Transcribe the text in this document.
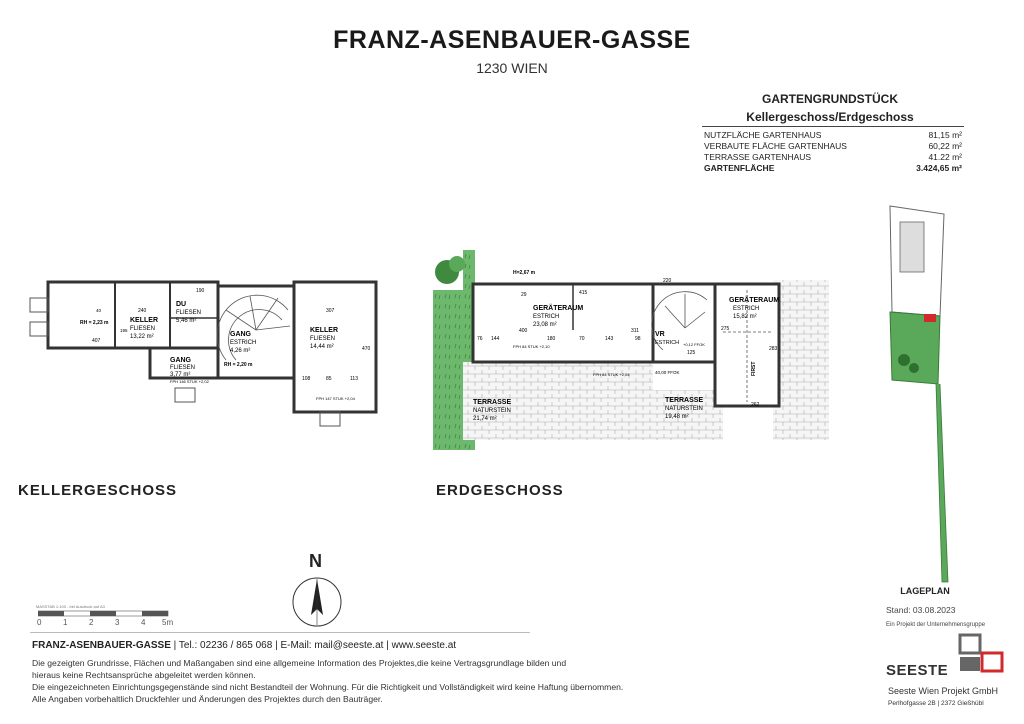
FRANZ-ASENBAUER-GASSE
1230 WIEN
GARTENGRUNDSTÜCK
Kellergeschoss/Erdgeschoss
NUTZFLÄCHE GARTENHAUS	81,15 m²
VERBAUTE FLÄCHE GARTENHAUS	60,22 m²
TERRASSE GARTENHAUS	41.22 m²
GARTENFLÄCHE	3.424,65 m²
KELLER
FLIESEN
13,22 m²
DU
FLIESEN
5,46 m²
GANG
ESTRICH
4,26 m²
GANG
FLIESEN
3,77 m²
KELLER
FLIESEN
14,44 m²
RH = 2,23 m
RH = 2,20 m
407
240
190
307
470
108	85	113
195
40
FPH 146 STUK +2,02
FPH 147 STUK +2,04
GERÄTERAUM
ESTRICH
23,08 m²
VR
ESTRICH
GERÄTERAUM
ESTRICH
15,82 m²
TERRASSE
NATURSTEIN
21,74 m²
TERRASSE
NATURSTEIN
19,48 m²
H=2,67 m
FIRST
415
400
144	180	70	143
311
98
275
283
220
29
76
125
262
FPH 84 STUK +2,10
FPH 84 STUK +2,04	40,00 FFOK
+0,12 FFOK
KELLERGESCHOSS	ERDGESCHOSS
LAGEPLAN
MASSTAB 1:100 - bei Ausdruck auf A3
0	1	2	3	4 5m
N
FRANZ-ASENBAUER-GASSE | Tel.: 02236 / 865 068 | E-Mail: mail@seeste.at | www.seeste.at
Die gezeigten Grundrisse, Flächen und Maßangaben sind eine allgemeine Information des Projektes,die keine Vertragsgrundlage bilden und
hieraus keine Rechtsansprüche abgeleitet werden können.
Die eingezeichneten Einrichtungsgegenstände sind nicht Bestandteil der Wohnung. Für die Richtigkeit und Vollständigkeit wird keine Haftung übernommen.
Alle Angaben vorbehaltlich Druckfehler und Änderungen des Projektes durch den Bauträger.
Stand: 03.08.2023
Ein Projekt der Unternehmensgruppe
SEESTE
Seeste Wien Projekt GmbH
Perlhofgasse 2B | 2372 Gießhübl
